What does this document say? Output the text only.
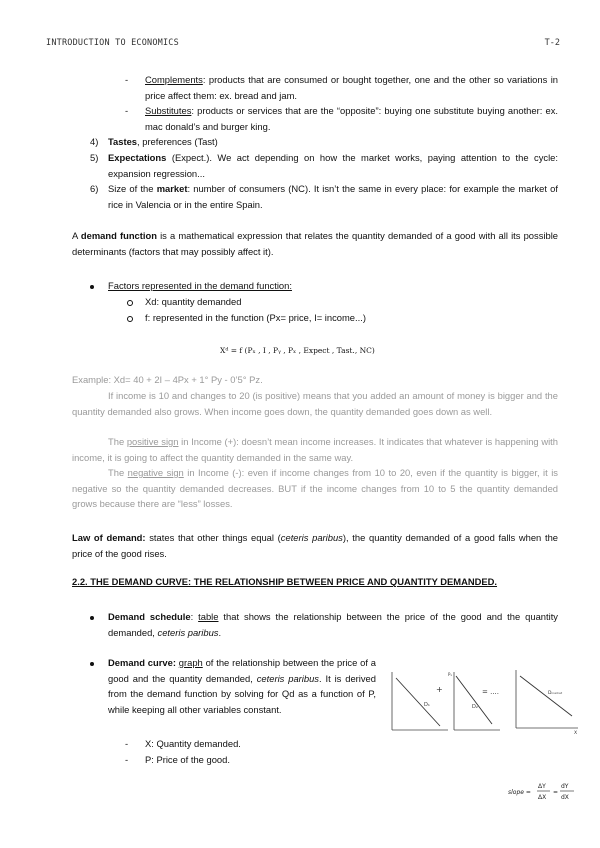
INTRODUCTION TO ECONOMICS	T-2
- Complements: products that are consumed or bought together, one and the other so variations in price affect them: ex. bread and jam.
- Substitutes: products or services that are the “opposite”: buying one substitute buying another: ex. mac donald’s and burger king.
4) Tastes, preferences (Tast)
5) Expectations (Expect.). We act depending on how the market works, paying attention to the cycle: expansion regression...
6) Size of the market: number of consumers (NC). It isn’t the same in every place: for example the market of rice in Valencia or in the entire Spain.
A demand function is a mathematical expression that relates the quantity demanded of a good with all its possible determinants (factors that may possibly affect it).
Factors represented in the demand function:
Xd: quantity demanded
f: represented in the function (Px= price, I= income...)
Xᵈ = f (Pₓ , I , Pᵧ , Pₓ , Expect , Tast., NC)
Example: Xd= 40 + 2I – 4Px + 1° Py - 0’5° Pz.
If income is 10 and changes to 20 (is positive) means that you added an amount of money is bigger and the quantity demanded also grows. When income goes down, the quantity demanded goes down as well.
The positive sign in Income (+): doesn’t mean income increases. It indicates that whatever is happening with income, it is going to affect the quantity demanded in the same way.
The negative sign in Income (-): even if income changes from 10 to 20, even if the quantity is bigger, it is negative so the quantity demanded decreases. BUT if the income changes from 10 to 5 the quantity demanded grows because there are “less” losses.
Law of demand: states that other things equal (ceteris paribus), the quantity demanded of a good falls when the price of the good rises.
2.2. THE DEMAND CURVE: THE RELATIONSHIP BETWEEN PRICE AND QUANTITY DEMANDED.
Demand schedule: table that shows the relationship between the price of the good and the quantity demanded, ceteris paribus.
Demand curve: graph of the relationship between the price of a good and the quantity demanded, ceteris paribus. It is derived from the demand function by solving for Qd as a function of P, while keeping all other variables constant.
- X: Quantity demanded.
- P: Price of the good.
D₁
+
D₂
Pₓ
= ....	Dₘₐᵣₖₑₜ
X
slope =
ΔY
ΔX
=
dY
dX
